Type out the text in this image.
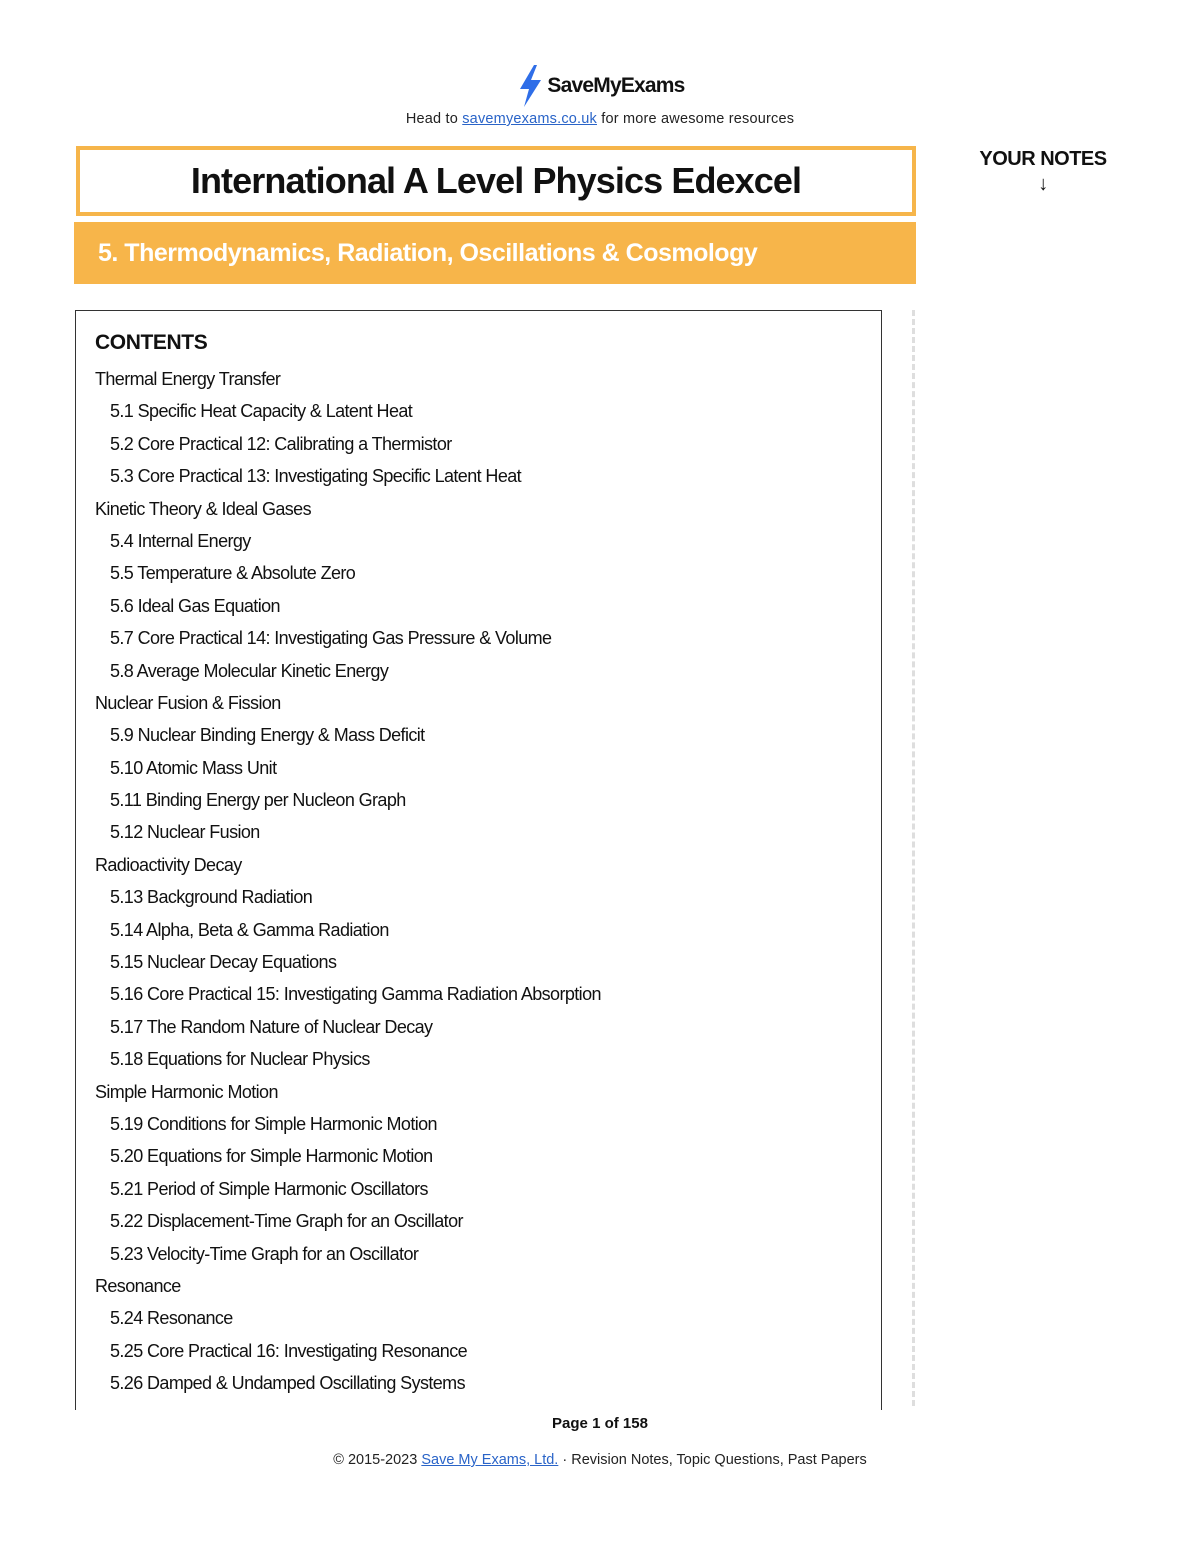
SaveMyExams
Head to savemyexams.co.uk for more awesome resources
International A Level Physics Edexcel
5. Thermodynamics, Radiation, Oscillations & Cosmology
YOUR NOTES
↓
CONTENTS
Thermal Energy Transfer
5.1 Specific Heat Capacity & Latent Heat
5.2 Core Practical 12: Calibrating a Thermistor
5.3 Core Practical 13: Investigating Specific Latent Heat
Kinetic Theory & Ideal Gases
5.4 Internal Energy
5.5 Temperature & Absolute Zero
5.6 Ideal Gas Equation
5.7 Core Practical 14: Investigating Gas Pressure & Volume
5.8 Average Molecular Kinetic Energy
Nuclear Fusion & Fission
5.9 Nuclear Binding Energy & Mass Deficit
5.10 Atomic Mass Unit
5.11 Binding Energy per Nucleon Graph
5.12 Nuclear Fusion
Radioactivity Decay
5.13 Background Radiation
5.14 Alpha, Beta & Gamma Radiation
5.15 Nuclear Decay Equations
5.16 Core Practical 15: Investigating Gamma Radiation Absorption
5.17 The Random Nature of Nuclear Decay
5.18 Equations for Nuclear Physics
Simple Harmonic Motion
5.19 Conditions for Simple Harmonic Motion
5.20 Equations for Simple Harmonic Motion
5.21 Period of Simple Harmonic Oscillators
5.22 Displacement-Time Graph for an Oscillator
5.23 Velocity-Time Graph for an Oscillator
Resonance
5.24 Resonance
5.25 Core Practical 16: Investigating Resonance
5.26 Damped & Undamped Oscillating Systems
Page 1 of 158
© 2015-2023 Save My Exams, Ltd. · Revision Notes, Topic Questions, Past Papers
